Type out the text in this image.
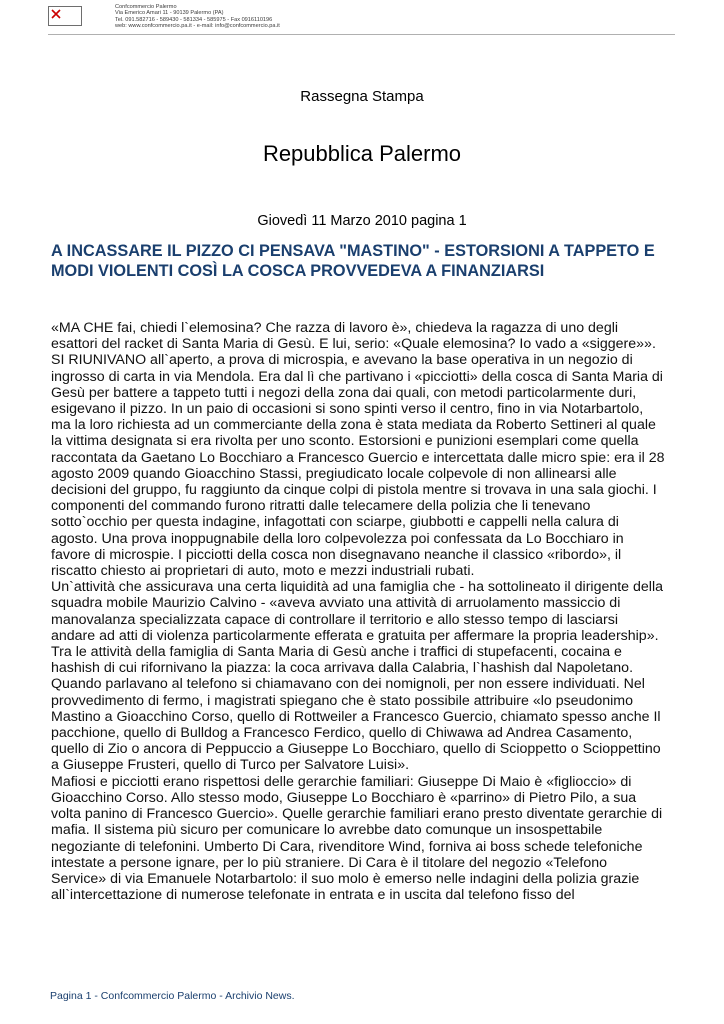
Confcommercio Palermo
Via Emerico Amari 11 - 90139 Palermo (PA)
Tel. 091.582716 - 589430 - 581334 - 585975 - Fax 0916110196
web: www.confcommercio.pa.it - e-mail: info@confcommercio.pa.it
Rassegna Stampa
Repubblica Palermo
Giovedì 11 Marzo 2010 pagina 1
A INCASSARE IL PIZZO CI PENSAVA "MASTINO" - ESTORSIONI A TAPPETO E MODI VIOLENTI COSÌ LA COSCA PROVVEDEVA A FINANZIARSI

«MA CHE fai, chiedi l`elemosina? Che razza di lavoro è», chiedeva la ragazza di uno degli esattori del racket di Santa Maria di Gesù. E lui, serio: «Quale elemosina? Io vado a «siggere»». SI RIUNIVANO all`aperto, a prova di microspia, e avevano la base operativa in un negozio di ingrosso di carta in via Mendola. Era dal lì che partivano i «picciotti» della cosca di Santa Maria di Gesù per battere a tappeto tutti i negozi della zona dai quali, con metodi particolarmente duri, esigevano il pizzo. In un paio di occasioni si sono spinti verso il centro, fino in via Notarbartolo, ma la loro richiesta ad un commerciante della zona è stata mediata da Roberto Settineri al quale la vittima designata si era rivolta per uno sconto. Estorsioni e punizioni esemplari come quella raccontata da Gaetano Lo Bocchiaro a Francesco Guercio e intercettata dalle micro spie: era il 28 agosto 2009 quando Gioacchino Stassi, pregiudicato locale colpevole di non allinearsi alle decisioni del gruppo, fu raggiunto da cinque colpi di pistola mentre si trovava in una sala giochi. I componenti del commando furono ritratti dalle telecamere della polizia che li tenevano sotto`occhio per questa indagine, infagottati con sciarpe, giubbotti e cappelli nella calura di agosto. Una prova inoppugnabile della loro colpevolezza poi confessata da Lo Bocchiaro in favore di microspie. I picciotti della cosca non disegnavano neanche il classico «ribordo», il riscatto chiesto ai proprietari di auto, moto e mezzi industriali rubati.

Un`attività che assicurava una certa liquidità ad una famiglia che - ha sottolineato il dirigente della squadra mobile Maurizio Calvino - «aveva avviato una attività di arruolamento massiccio di manovalanza specializzata capace di controllare il territorio e allo stesso tempo di lasciarsi andare ad atti di violenza particolarmente efferata e gratuita per affermare la propria leadership». Tra le attività della famiglia di Santa Maria di Gesù anche i traffici di stupefacenti, cocaina e hashish di cui rifornivano la piazza: la coca arrivava dalla Calabria, l`hashish dal Napoletano. Quando parlavano al telefono si chiamavano con dei nomignoli, per non essere individuati. Nel provvedimento di fermo, i magistrati spiegano che è stato possibile attribuire «lo pseudonimo Mastino a Gioacchino Corso, quello di Rottweiler a Francesco Guercio, chiamato spesso anche Il pacchione, quello di Bulldog a Francesco Ferdico, quello di Chiwawa ad Andrea Casamento, quello di Zio o ancora di Peppuccio a Giuseppe Lo Bocchiaro, quello di Scioppetto o Scioppettino a Giuseppe Frusteri, quello di Turco per Salvatore Luisi».

Mafiosi e picciotti erano rispettosi delle gerarchie familiari: Giuseppe Di Maio è «figlioccio» di Gioacchino Corso. Allo stesso modo, Giuseppe Lo Bocchiaro è «parrino» di Pietro Pilo, a sua volta panino di Francesco Guercio». Quelle gerarchie familiari erano presto diventate gerarchie di mafia. Il sistema più sicuro per comunicare lo avrebbe dato comunque un insospettabile negoziante di telefonini. Umberto Di Cara, rivenditore Wind, forniva ai boss schede telefoniche intestate a persone ignare, per lo più straniere. Di Cara è il titolare del negozio «Telefono Service» di via Emanuele Notarbartolo: il suo molo è emerso nelle indagini della polizia grazie all`intercettazione di numerose telefonate in entrata e in uscita dal telefono fisso del

Pagina 1 - Confcommercio Palermo - Archivio News.
